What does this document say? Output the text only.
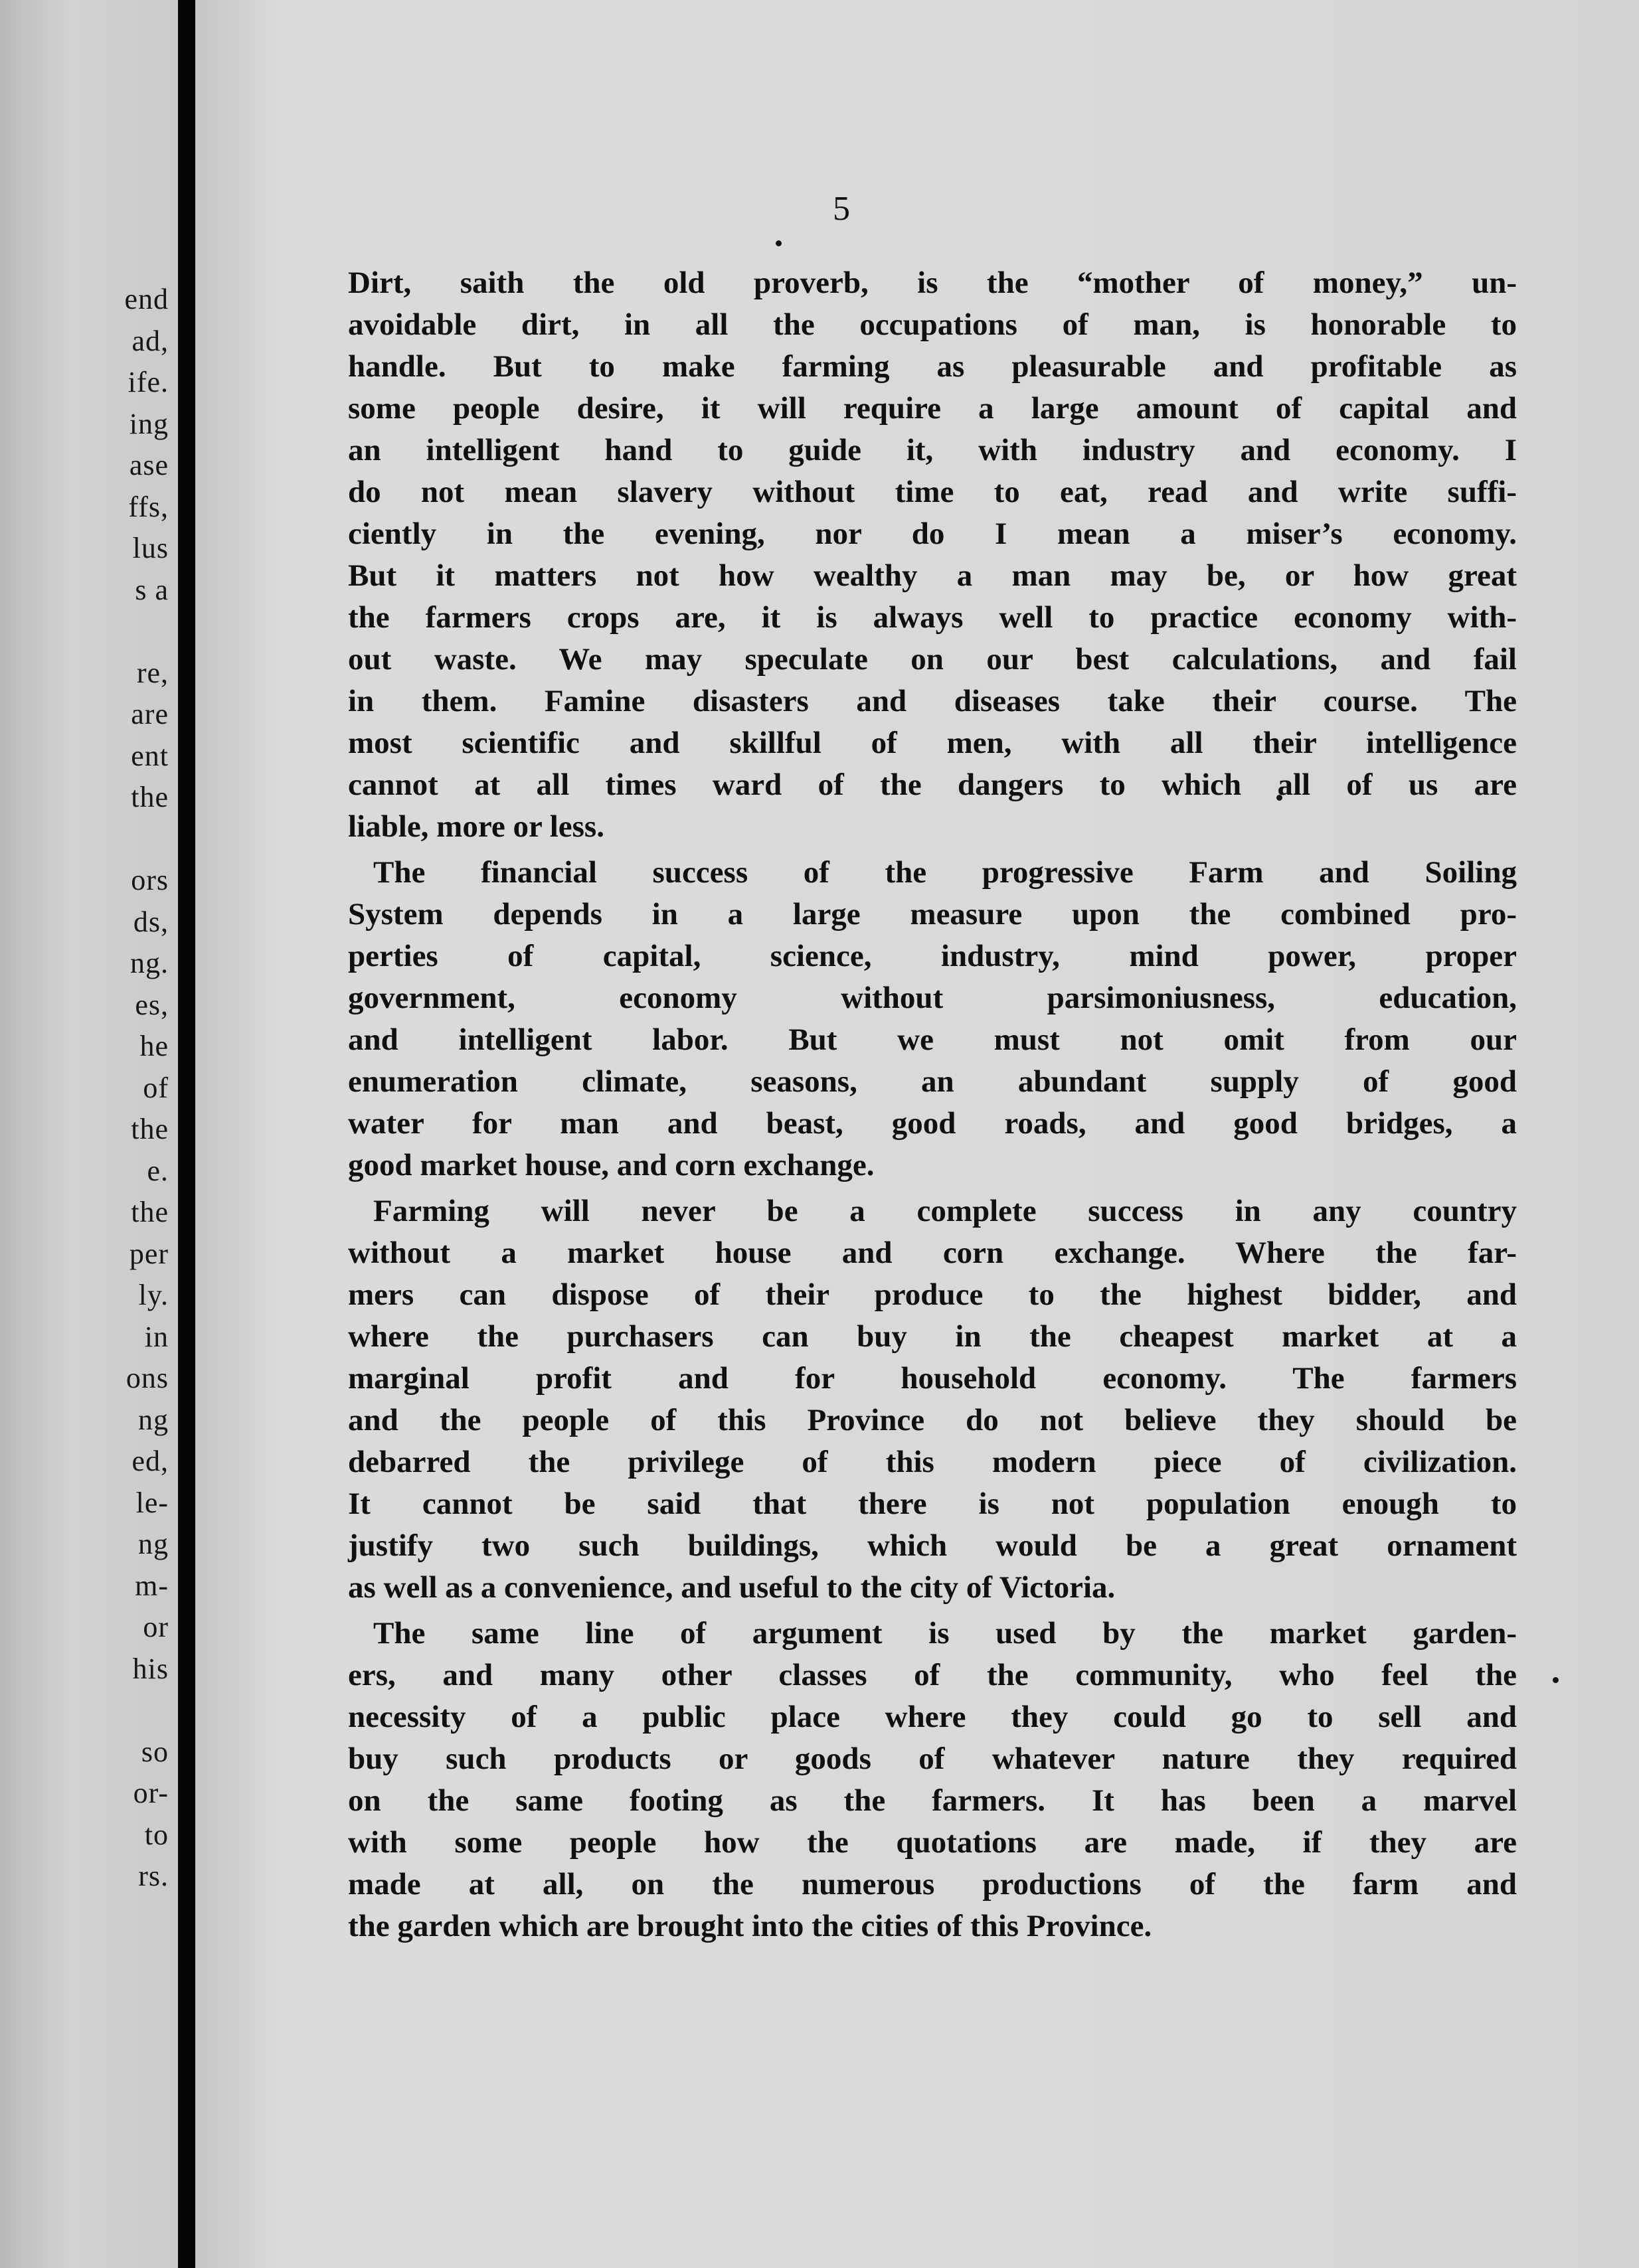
end
ad,
ife.
ing
ase
ffs,
lus
s a
re,
are
ent
the
ors
ds,
ng.
es,
he
of
the
e.
the
per
ly.
in
ons
ng
ed,
le-
ng
m-
or
his
so
or-
to
rs.
5
Dirt, saith the old proverb, is the “mother of money,” un-
avoidable dirt, in all the occupations of man, is honorable to
handle. But to make farming as pleasurable and profitable as
some people desire, it will require a large amount of capital and
an intelligent hand to guide it, with industry and economy. I
do not mean slavery without time to eat, read and write suffi-
ciently in the evening, nor do I mean a miser’s economy.
But it matters not how wealthy a man may be, or how great
the farmers crops are, it is always well to practice economy with-
out waste. We may speculate on our best calculations, and fail
in them. Famine disasters and diseases take their course. The
most scientific and skillful of men, with all their intelligence
cannot at all times ward of the dangers to which all of us are
liable, more or less.
The financial success of the progressive Farm and Soiling
System depends in a large measure upon the combined pro-
perties of capital, science, industry, mind power, proper
government, economy without parsimoniusness, education,
and intelligent labor. But we must not omit from our
enumeration climate, seasons, an abundant supply of good
water for man and beast, good roads, and good bridges, a
good market house, and corn exchange.
Farming will never be a complete success in any country
without a market house and corn exchange. Where the far-
mers can dispose of their produce to the highest bidder, and
where the purchasers can buy in the cheapest market at a
marginal profit and for household economy. The farmers
and the people of this Province do not believe they should be
debarred the privilege of this modern piece of civilization.
It cannot be said that there is not population enough to
justify two such buildings, which would be a great ornament
as well as a convenience, and useful to the city of Victoria.
The same line of argument is used by the market garden-
ers, and many other classes of the community, who feel the
necessity of a public place where they could go to sell and
buy such products or goods of whatever nature they required
on the same footing as the farmers. It has been a marvel
with some people how the quotations are made, if they are
made at all, on the numerous productions of the farm and
the garden which are brought into the cities of this Province.
